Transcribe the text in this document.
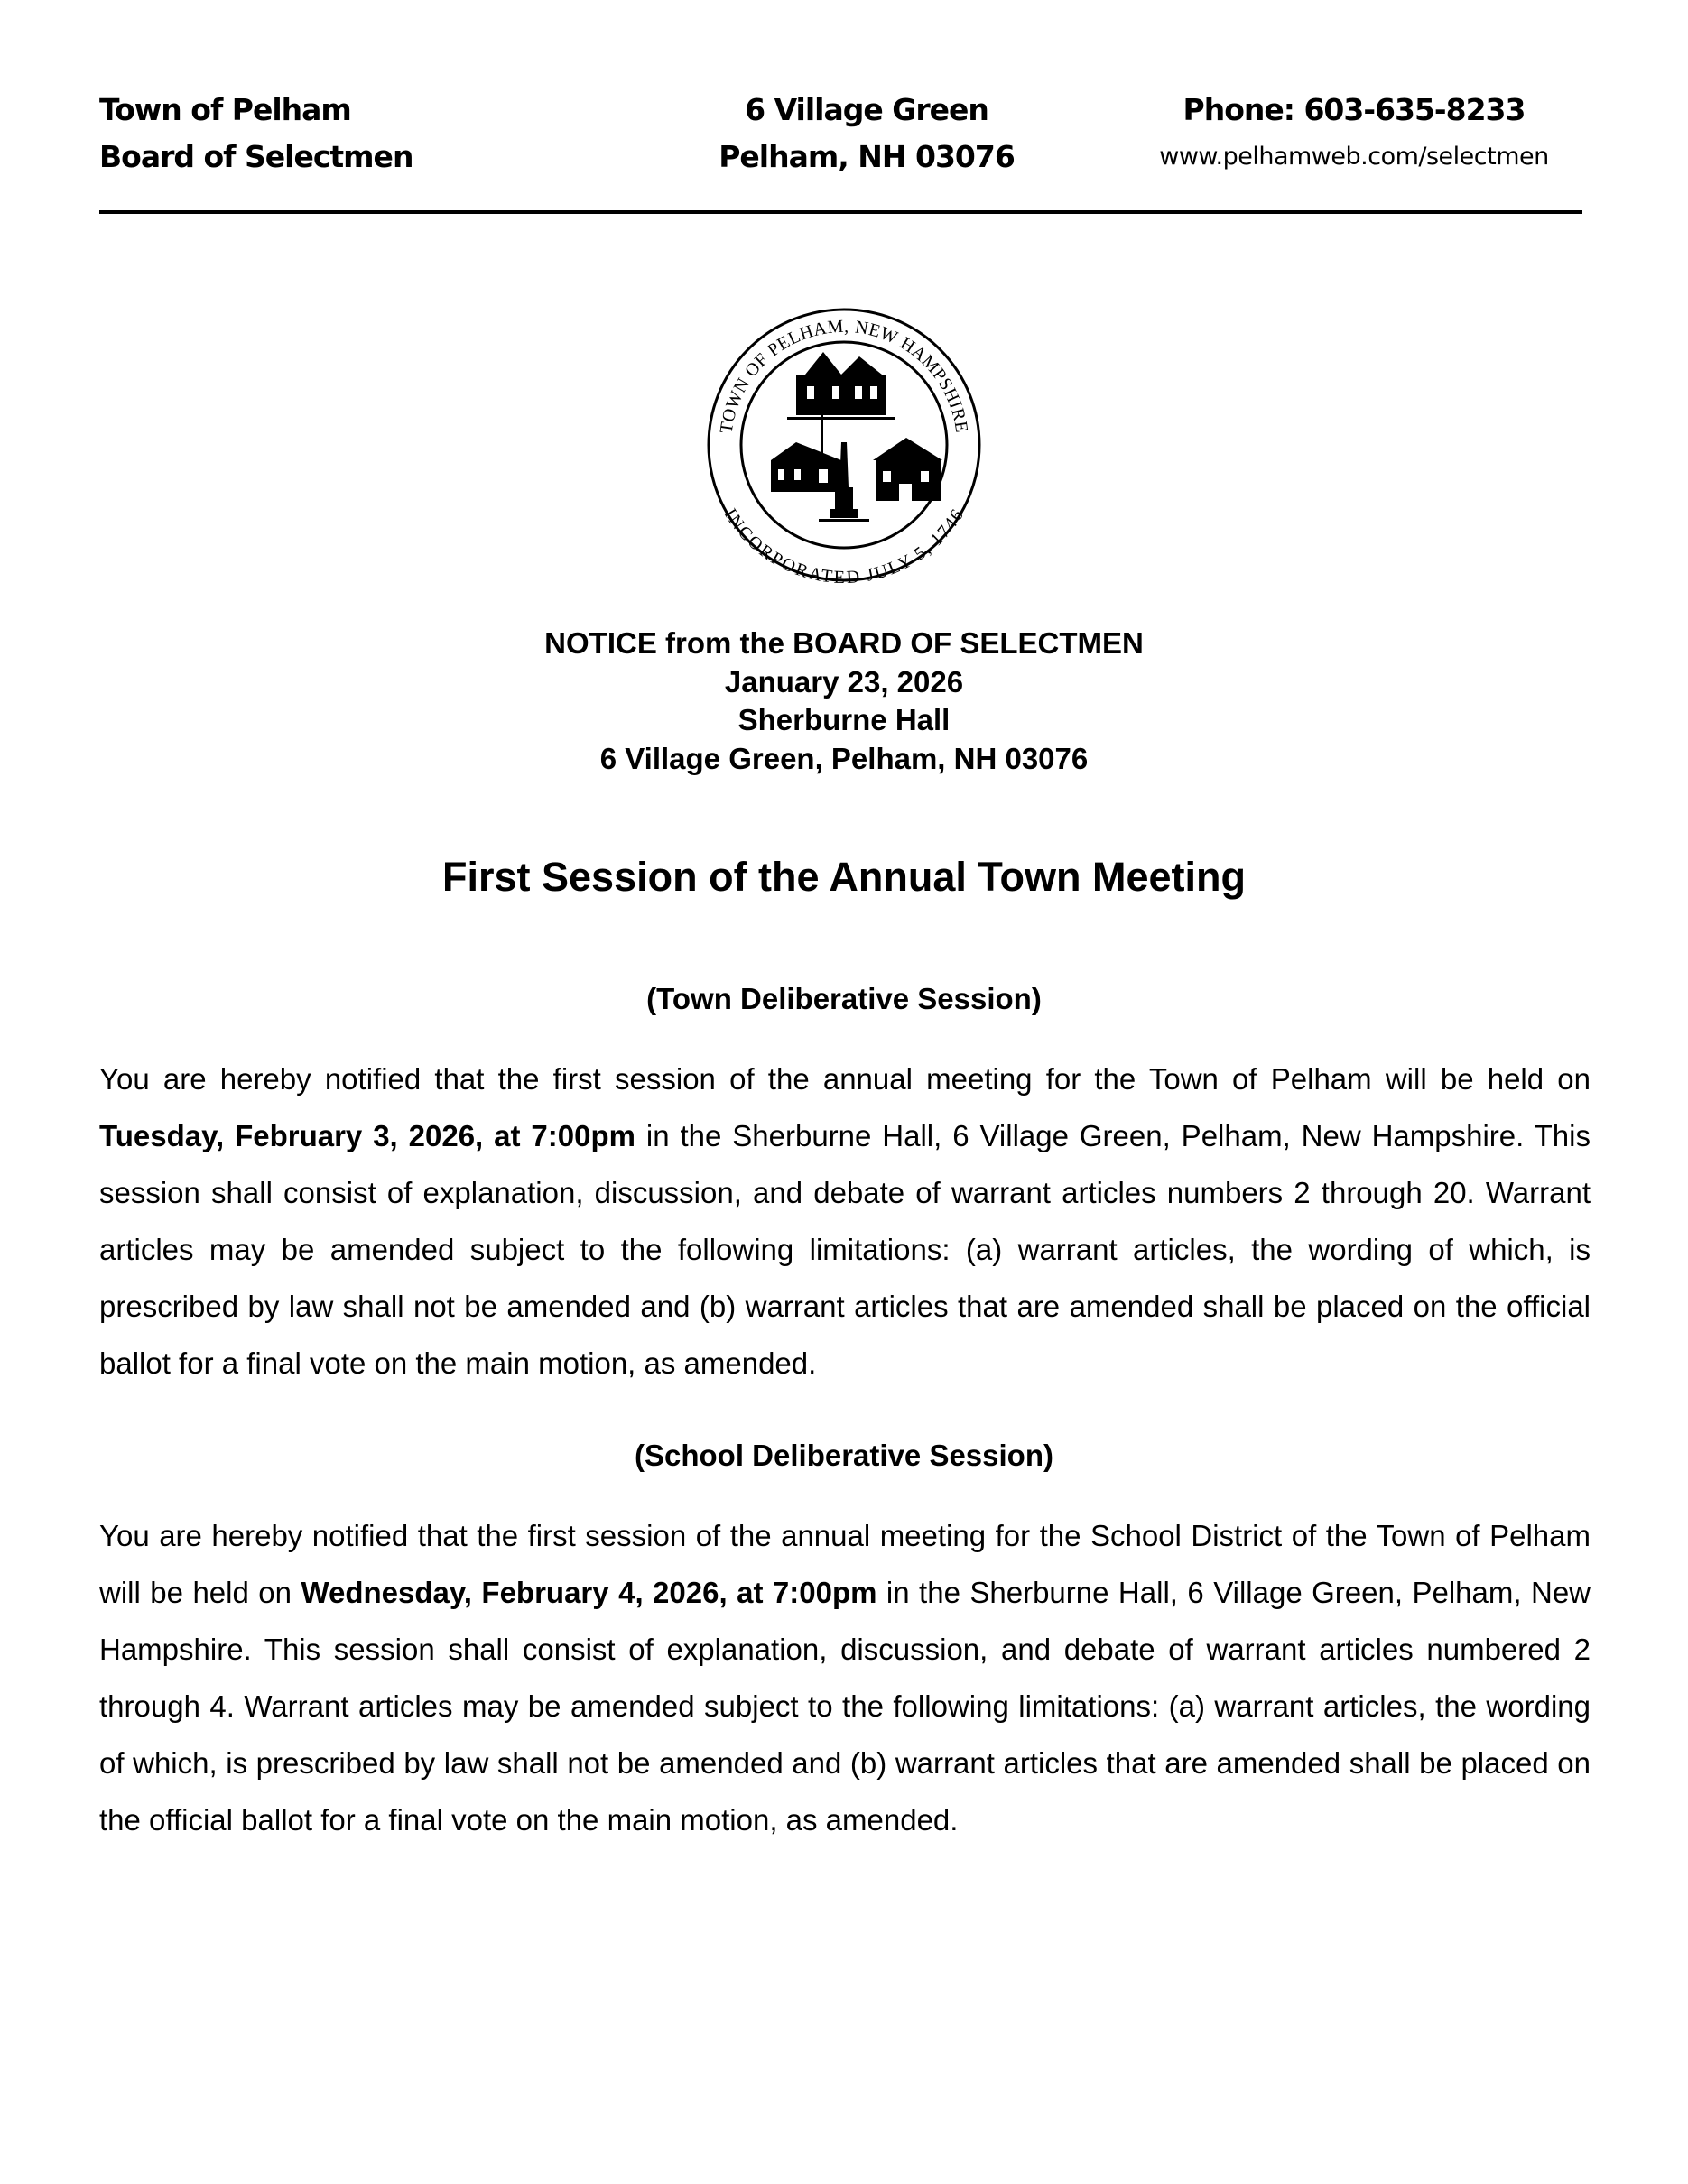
Town of Pelham
Board of Selectmen
6 Village Green
Pelham, NH 03076
Phone: 603-635-8233
www.pelhamweb.com/selectmen
TOWN OF PELHAM, NEW HAMPSHIRE
INCORPORATED JULY 5, 1746
NOTICE from the BOARD OF SELECTMEN
January 23, 2026
Sherburne Hall
6 Village Green, Pelham, NH 03076
First Session of the Annual Town Meeting
(Town Deliberative Session)
You are hereby notified that the first session of the annual meeting for the Town of Pelham will be held on Tuesday, February 3, 2026, at 7:00pm in the Sherburne Hall, 6 Village Green, Pelham, New Hampshire. This session shall consist of explanation, discussion, and debate of warrant articles numbers 2 through 20. Warrant articles may be amended subject to the following limitations: (a) warrant articles, the wording of which, is prescribed by law shall not be amended and (b) warrant articles that are amended shall be placed on the official ballot for a final vote on the main motion, as amended.
(School Deliberative Session)
You are hereby notified that the first session of the annual meeting for the School District of the Town of Pelham will be held on Wednesday, February 4, 2026, at 7:00pm in the Sherburne Hall, 6 Village Green, Pelham, New Hampshire. This session shall consist of explanation, discussion, and debate of warrant articles numbered 2 through 4. Warrant articles may be amended subject to the following limitations: (a) warrant articles, the wording of which, is prescribed by law shall not be amended and (b) warrant articles that are amended shall be placed on the official ballot for a final vote on the main motion, as amended.
